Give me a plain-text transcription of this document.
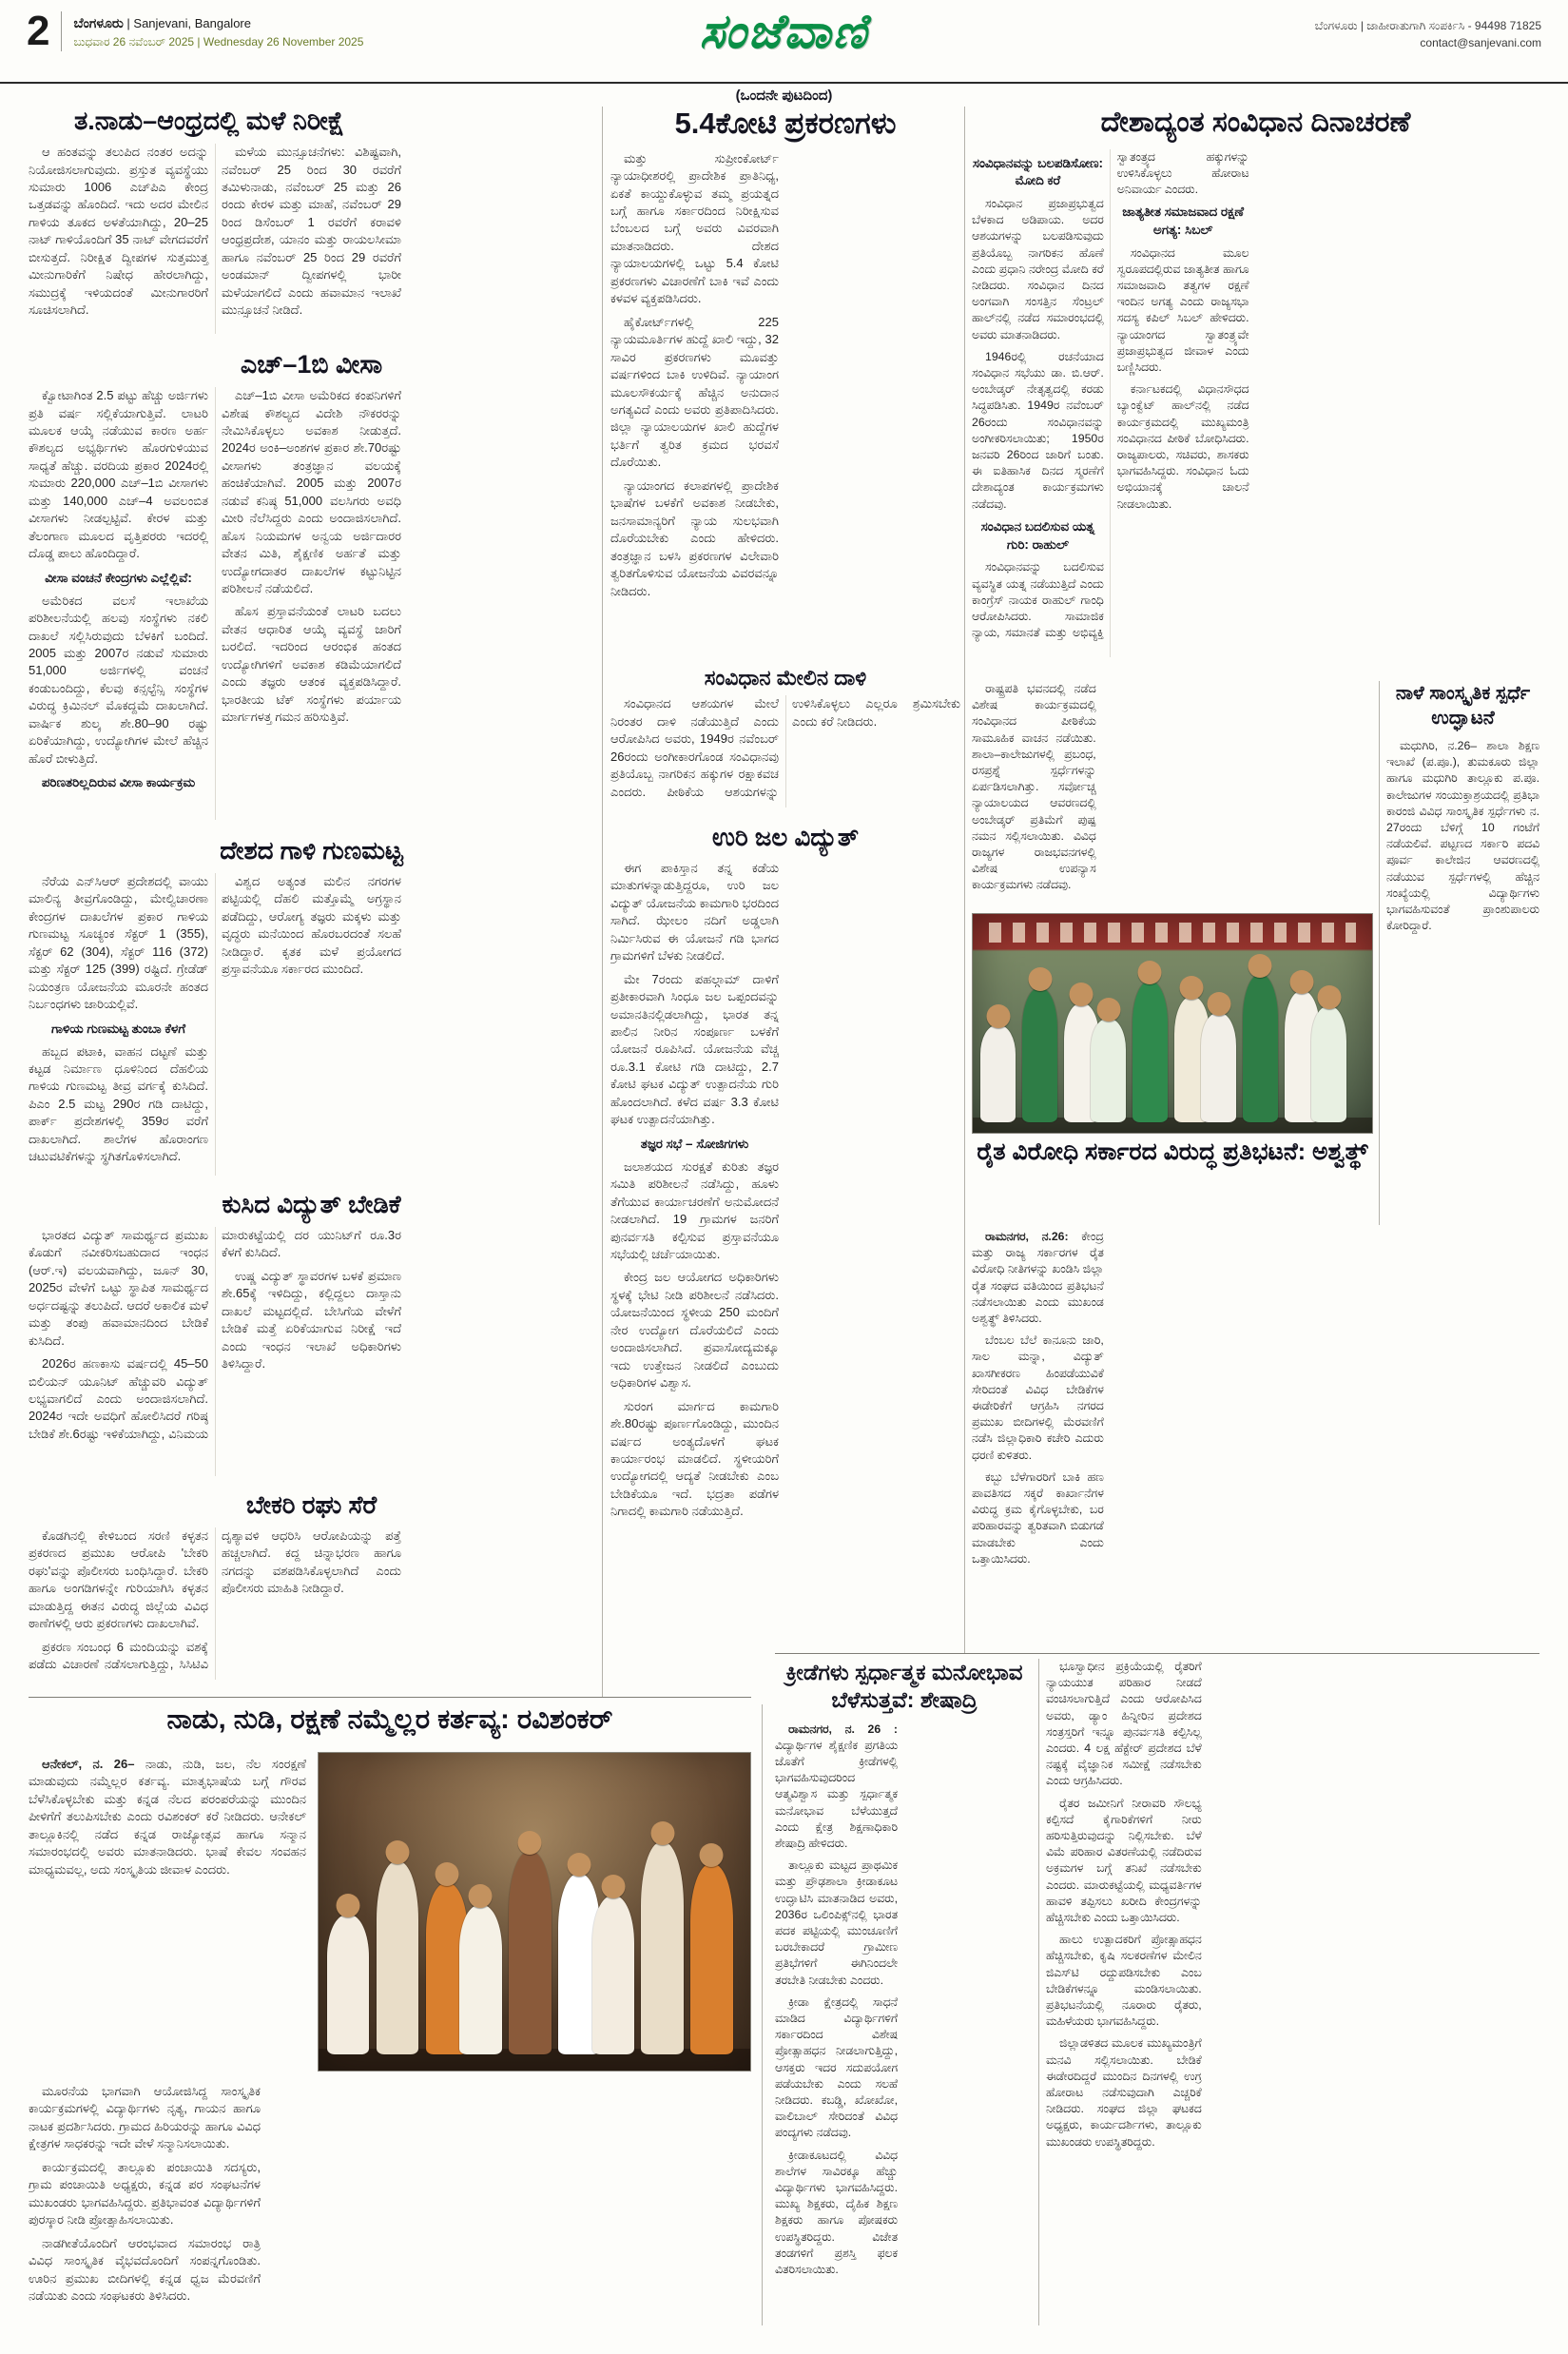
2	ಬೆಂಗಳೂರು | Sanjevani, Bangalore
ಬುಧವಾರ 26 ನವೆಂಬರ್ 2025 | Wednesday 26 November 2025	ಸಂಜೆವಾಣಿ	ಬೆಂಗಳೂರು | ಜಾಹೀರಾತುಗಾಗಿ ಸಂಪರ್ಕಿಸಿ - 94498 71825
contact@sanjevani.com
(ಒಂದನೇ ಪುಟದಿಂದ)
ತ.ನಾಡು–ಆಂಧ್ರದಲ್ಲಿ ಮಳೆ ನಿರೀಕ್ಷೆ

ಆ ಹಂತವನ್ನು ತಲುಪಿದ ನಂತರ ಅದನ್ನು ನಿಯೋಜಿಸಲಾಗುವುದು. ಪ್ರಸ್ತುತ ವ್ಯವಸ್ಥೆಯು ಸುಮಾರು 1006 ಎಚ್‌ಪಿಎ ಕೇಂದ್ರ ಒತ್ತಡವನ್ನು ಹೊಂದಿದೆ. ಇದು ಅದರ ಮೇಲಿನ ಗಾಳಿಯ ತೂಕದ ಅಳತೆಯಾಗಿದ್ದು, 20–25 ನಾಟ್ ಗಾಳಿಯೊಂದಿಗೆ 35 ನಾಟ್ ವೇಗದವರೆಗೆ ಬೀಸುತ್ತದೆ. ನಿರೀಕ್ಷಿತ ದ್ವೀಪಗಳ ಸುತ್ತಮುತ್ತ ಮೀನುಗಾರಿಕೆಗೆ ನಿಷೇಧ ಹೇರಲಾಗಿದ್ದು, ಸಮುದ್ರಕ್ಕೆ ಇಳಿಯದಂತೆ ಮೀನುಗಾರರಿಗೆ ಸೂಚಿಸಲಾಗಿದೆ.

ಮಳೆಯ ಮುನ್ಸೂಚನೆಗಳು: ವಿಶಿಷ್ಟವಾಗಿ, ನವೆಂಬರ್ 25 ರಿಂದ 30 ರವರೆಗೆ ತಮಿಳುನಾಡು, ನವೆಂಬರ್ 25 ಮತ್ತು 26 ರಂದು ಕೇರಳ ಮತ್ತು ಮಾಹೆ, ನವೆಂಬರ್ 29 ರಿಂದ ಡಿಸೆಂಬರ್ 1 ರವರೆಗೆ ಕರಾವಳಿ ಆಂಧ್ರಪ್ರದೇಶ, ಯಾನಂ ಮತ್ತು ರಾಯಲಸೀಮಾ ಹಾಗೂ ನವೆಂಬರ್ 25 ರಿಂದ 29 ರವರೆಗೆ ಅಂಡಮಾನ್ ದ್ವೀಪಗಳಲ್ಲಿ ಭಾರೀ ಮಳೆಯಾಗಲಿದೆ ಎಂದು ಹವಾಮಾನ ಇಲಾಖೆ ಮುನ್ಸೂಚನೆ ನೀಡಿದೆ.

ಎಚ್–1ಬಿ ವೀಸಾ

ಕ್ವೋಟಾಗಿಂತ 2.5 ಪಟ್ಟು ಹೆಚ್ಚು ಅರ್ಜಿಗಳು ಪ್ರತಿ ವರ್ಷ ಸಲ್ಲಿಕೆಯಾಗುತ್ತಿವೆ. ಲಾಟರಿ ಮೂಲಕ ಆಯ್ಕೆ ನಡೆಯುವ ಕಾರಣ ಅರ್ಹ ಕೌಶಲ್ಯದ ಅಭ್ಯರ್ಥಿಗಳು ಹೊರಗುಳಿಯುವ ಸಾಧ್ಯತೆ ಹೆಚ್ಚು. ವರದಿಯ ಪ್ರಕಾರ 2024ರಲ್ಲಿ ಸುಮಾರು 220,000 ಎಚ್–1ಬಿ ವೀಸಾಗಳು ಮತ್ತು 140,000 ಎಚ್–4 ಅವಲಂಬಿತ ವೀಸಾಗಳು ನೀಡಲ್ಪಟ್ಟಿವೆ. ಕೇರಳ ಮತ್ತು ತೆಲಂಗಾಣ ಮೂಲದ ವೃತ್ತಿಪರರು ಇದರಲ್ಲಿ ದೊಡ್ಡ ಪಾಲು ಹೊಂದಿದ್ದಾರೆ.

ವೀಸಾ ವಂಚನೆ ಕೇಂದ್ರಗಳು ಎಲ್ಲೆಲ್ಲಿವೆ:

ಅಮೆರಿಕದ ವಲಸೆ ಇಲಾಖೆಯ ಪರಿಶೀಲನೆಯಲ್ಲಿ ಹಲವು ಸಂಸ್ಥೆಗಳು ನಕಲಿ ದಾಖಲೆ ಸಲ್ಲಿಸಿರುವುದು ಬೆಳಕಿಗೆ ಬಂದಿದೆ. 2005 ಮತ್ತು 2007ರ ನಡುವೆ ಸುಮಾರು 51,000 ಅರ್ಜಿಗಳಲ್ಲಿ ವಂಚನೆ ಕಂಡುಬಂದಿದ್ದು, ಕೆಲವು ಕನ್ಸಲ್ಟೆನ್ಸಿ ಸಂಸ್ಥೆಗಳ ವಿರುದ್ಧ ಕ್ರಿಮಿನಲ್ ಮೊಕದ್ದಮೆ ದಾಖಲಾಗಿದೆ. ವಾರ್ಷಿಕ ಶುಲ್ಕ ಶೇ.80–90 ರಷ್ಟು ಏರಿಕೆಯಾಗಿದ್ದು, ಉದ್ಯೋಗಿಗಳ ಮೇಲೆ ಹೆಚ್ಚಿನ ಹೊರೆ ಬೀಳುತ್ತಿದೆ.

ಪರಿಣತರಿಲ್ಲದಿರುವ ವೀಸಾ ಕಾರ್ಯಕ್ರಮ

ಎಚ್–1ಬಿ ವೀಸಾ ಅಮೆರಿಕದ ಕಂಪನಿಗಳಿಗೆ ವಿಶೇಷ ಕೌಶಲ್ಯದ ವಿದೇಶಿ ನೌಕರರನ್ನು ನೇಮಿಸಿಕೊಳ್ಳಲು ಅವಕಾಶ ನೀಡುತ್ತದೆ. 2024ರ ಅಂಕಿ–ಅಂಶಗಳ ಪ್ರಕಾರ ಶೇ.70ರಷ್ಟು ವೀಸಾಗಳು ತಂತ್ರಜ್ಞಾನ ವಲಯಕ್ಕೆ ಹಂಚಿಕೆಯಾಗಿವೆ. 2005 ಮತ್ತು 2007ರ ನಡುವೆ ಕನಿಷ್ಠ 51,000 ವಲಸಿಗರು ಅವಧಿ ಮೀರಿ ನೆಲೆಸಿದ್ದರು ಎಂದು ಅಂದಾಜಿಸಲಾಗಿದೆ. ಹೊಸ ನಿಯಮಗಳ ಅನ್ವಯ ಅರ್ಜಿದಾರರ ವೇತನ ಮಿತಿ, ಶೈಕ್ಷಣಿಕ ಅರ್ಹತೆ ಮತ್ತು ಉದ್ಯೋಗದಾತರ ದಾಖಲೆಗಳ ಕಟ್ಟುನಿಟ್ಟಿನ ಪರಿಶೀಲನೆ ನಡೆಯಲಿದೆ.

ಹೊಸ ಪ್ರಸ್ತಾವನೆಯಂತೆ ಲಾಟರಿ ಬದಲು ವೇತನ ಆಧಾರಿತ ಆಯ್ಕೆ ವ್ಯವಸ್ಥೆ ಜಾರಿಗೆ ಬರಲಿದೆ. ಇದರಿಂದ ಆರಂಭಿಕ ಹಂತದ ಉದ್ಯೋಗಿಗಳಿಗೆ ಅವಕಾಶ ಕಡಿಮೆಯಾಗಲಿದೆ ಎಂದು ತಜ್ಞರು ಆತಂಕ ವ್ಯಕ್ತಪಡಿಸಿದ್ದಾರೆ. ಭಾರತೀಯ ಟೆಕ್ ಸಂಸ್ಥೆಗಳು ಪರ್ಯಾಯ ಮಾರ್ಗಗಳತ್ತ ಗಮನ ಹರಿಸುತ್ತಿವೆ.

ದೇಶದ ಗಾಳಿ ಗುಣಮಟ್ಟ

ನೆರೆಯ ಎನ್‌ಸಿಆರ್ ಪ್ರದೇಶದಲ್ಲಿ ವಾಯು ಮಾಲಿನ್ಯ ತೀವ್ರಗೊಂಡಿದ್ದು, ಮೇಲ್ವಿಚಾರಣಾ ಕೇಂದ್ರಗಳ ದಾಖಲೆಗಳ ಪ್ರಕಾರ ಗಾಳಿಯ ಗುಣಮಟ್ಟ ಸೂಚ್ಯಂಕ ಸೆಕ್ಟರ್ 1 (355), ಸೆಕ್ಟರ್ 62 (304), ಸೆಕ್ಟರ್ 116 (372) ಮತ್ತು ಸೆಕ್ಟರ್ 125 (399) ರಷ್ಟಿದೆ. ಗ್ರೇಡೆಡ್ ನಿಯಂತ್ರಣ ಯೋಜನೆಯ ಮೂರನೇ ಹಂತದ ನಿರ್ಬಂಧಗಳು ಜಾರಿಯಲ್ಲಿವೆ.

ಗಾಳಿಯ ಗುಣಮಟ್ಟ ತುಂಬಾ ಕೆಳಗೆ

ಹಬ್ಬದ ಪಟಾಕಿ, ವಾಹನ ದಟ್ಟಣೆ ಮತ್ತು ಕಟ್ಟಡ ನಿರ್ಮಾಣ ಧೂಳಿನಿಂದ ದೆಹಲಿಯ ಗಾಳಿಯ ಗುಣಮಟ್ಟ ತೀವ್ರ ವರ್ಗಕ್ಕೆ ಕುಸಿದಿದೆ. ಪಿಎಂ 2.5 ಮಟ್ಟ 290ರ ಗಡಿ ದಾಟಿದ್ದು, ಪಾರ್ಕ್ ಪ್ರದೇಶಗಳಲ್ಲಿ 359ರ ವರೆಗೆ ದಾಖಲಾಗಿದೆ. ಶಾಲೆಗಳ ಹೊರಾಂಗಣ ಚಟುವಟಿಕೆಗಳನ್ನು ಸ್ಥಗಿತಗೊಳಿಸಲಾಗಿದೆ.

ವಿಶ್ವದ ಅತ್ಯಂತ ಮಲಿನ ನಗರಗಳ ಪಟ್ಟಿಯಲ್ಲಿ ದೆಹಲಿ ಮತ್ತೊಮ್ಮೆ ಅಗ್ರಸ್ಥಾನ ಪಡೆದಿದ್ದು, ಆರೋಗ್ಯ ತಜ್ಞರು ಮಕ್ಕಳು ಮತ್ತು ವೃದ್ಧರು ಮನೆಯಿಂದ ಹೊರಬರದಂತೆ ಸಲಹೆ ನೀಡಿದ್ದಾರೆ. ಕೃತಕ ಮಳೆ ಪ್ರಯೋಗದ ಪ್ರಸ್ತಾವನೆಯೂ ಸರ್ಕಾರದ ಮುಂದಿದೆ.

ಕುಸಿದ ವಿದ್ಯುತ್ ಬೇಡಿಕೆ

ಭಾರತದ ವಿದ್ಯುತ್ ಸಾಮರ್ಥ್ಯದ ಪ್ರಮುಖ ಕೊಡುಗೆ ನವೀಕರಿಸಬಹುದಾದ ಇಂಧನ (ಆರ್.ಇ) ವಲಯವಾಗಿದ್ದು, ಜೂನ್ 30, 2025ರ ವೇಳೆಗೆ ಒಟ್ಟು ಸ್ಥಾಪಿತ ಸಾಮರ್ಥ್ಯದ ಅರ್ಧದಷ್ಟನ್ನು ತಲುಪಿದೆ. ಆದರೆ ಅಕಾಲಿಕ ಮಳೆ ಮತ್ತು ತಂಪು ಹವಾಮಾನದಿಂದ ಬೇಡಿಕೆ ಕುಸಿದಿದೆ.

2026ರ ಹಣಕಾಸು ವರ್ಷದಲ್ಲಿ 45–50 ಬಿಲಿಯನ್ ಯೂನಿಟ್ ಹೆಚ್ಚುವರಿ ವಿದ್ಯುತ್ ಲಭ್ಯವಾಗಲಿದೆ ಎಂದು ಅಂದಾಜಿಸಲಾಗಿದೆ. 2024ರ ಇದೇ ಅವಧಿಗೆ ಹೋಲಿಸಿದರೆ ಗರಿಷ್ಠ ಬೇಡಿಕೆ ಶೇ.6ರಷ್ಟು ಇಳಿಕೆಯಾಗಿದ್ದು, ವಿನಿಮಯ ಮಾರುಕಟ್ಟೆಯಲ್ಲಿ ದರ ಯುನಿಟ್‌ಗೆ ರೂ.3ರ ಕೆಳಗೆ ಕುಸಿದಿದೆ.

ಉಷ್ಣ ವಿದ್ಯುತ್ ಸ್ಥಾವರಗಳ ಬಳಕೆ ಪ್ರಮಾಣ ಶೇ.65ಕ್ಕೆ ಇಳಿದಿದ್ದು, ಕಲ್ಲಿದ್ದಲು ದಾಸ್ತಾನು ದಾಖಲೆ ಮಟ್ಟದಲ್ಲಿದೆ. ಬೇಸಿಗೆಯ ವೇಳೆಗೆ ಬೇಡಿಕೆ ಮತ್ತೆ ಏರಿಕೆಯಾಗುವ ನಿರೀಕ್ಷೆ ಇದೆ ಎಂದು ಇಂಧನ ಇಲಾಖೆ ಅಧಿಕಾರಿಗಳು ತಿಳಿಸಿದ್ದಾರೆ.

ಬೇಕರಿ ರಘು ಸೆರೆ

ಕೊಡಗಿನಲ್ಲಿ ಕೇಳಿಬಂದ ಸರಣಿ ಕಳ್ಳತನ ಪ್ರಕರಣದ ಪ್ರಮುಖ ಆರೋಪಿ 'ಬೇಕರಿ ರಘು'ವನ್ನು ಪೊಲೀಸರು ಬಂಧಿಸಿದ್ದಾರೆ. ಬೇಕರಿ ಹಾಗೂ ಅಂಗಡಿಗಳನ್ನೇ ಗುರಿಯಾಗಿಸಿ ಕಳ್ಳತನ ಮಾಡುತ್ತಿದ್ದ ಈತನ ವಿರುದ್ಧ ಜಿಲ್ಲೆಯ ವಿವಿಧ ಠಾಣೆಗಳಲ್ಲಿ ಆರು ಪ್ರಕರಣಗಳು ದಾಖಲಾಗಿವೆ.

ಪ್ರಕರಣ ಸಂಬಂಧ 6 ಮಂದಿಯನ್ನು ವಶಕ್ಕೆ ಪಡೆದು ವಿಚಾರಣೆ ನಡೆಸಲಾಗುತ್ತಿದ್ದು, ಸಿಸಿಟಿವಿ ದೃಶ್ಯಾವಳಿ ಆಧರಿಸಿ ಆರೋಪಿಯನ್ನು ಪತ್ತೆ ಹಚ್ಚಲಾಗಿದೆ. ಕದ್ದ ಚಿನ್ನಾಭರಣ ಹಾಗೂ ನಗದನ್ನು ವಶಪಡಿಸಿಕೊಳ್ಳಲಾಗಿದೆ ಎಂದು ಪೊಲೀಸರು ಮಾಹಿತಿ ನೀಡಿದ್ದಾರೆ.

ನಾಡು, ನುಡಿ, ರಕ್ಷಣೆ ನಮ್ಮೆಲ್ಲರ ಕರ್ತವ್ಯ: ರವಿಶಂಕರ್

ಆನೇಕಲ್, ನ. 26– ನಾಡು, ನುಡಿ, ಜಲ, ನೆಲ ಸಂರಕ್ಷಣೆ ಮಾಡುವುದು ನಮ್ಮೆಲ್ಲರ ಕರ್ತವ್ಯ. ಮಾತೃಭಾಷೆಯ ಬಗ್ಗೆ ಗೌರವ ಬೆಳೆಸಿಕೊಳ್ಳಬೇಕು ಮತ್ತು ಕನ್ನಡ ನೆಲದ ಪರಂಪರೆಯನ್ನು ಮುಂದಿನ ಪೀಳಿಗೆಗೆ ತಲುಪಿಸಬೇಕು ಎಂದು ರವಿಶಂಕರ್ ಕರೆ ನೀಡಿದರು. ಆನೇಕಲ್ ತಾಲ್ಲೂಕಿನಲ್ಲಿ ನಡೆದ ಕನ್ನಡ ರಾಜ್ಯೋತ್ಸವ ಹಾಗೂ ಸನ್ಮಾನ ಸಮಾರಂಭದಲ್ಲಿ ಅವರು ಮಾತನಾಡಿದರು. ಭಾಷೆ ಕೇವಲ ಸಂವಹನ ಮಾಧ್ಯಮವಲ್ಲ, ಅದು ಸಂಸ್ಕೃತಿಯ ಜೀವಾಳ ಎಂದರು.

ಮೂರನೆಯ ಭಾಗವಾಗಿ ಆಯೋಜಿಸಿದ್ದ ಸಾಂಸ್ಕೃತಿಕ ಕಾರ್ಯಕ್ರಮಗಳಲ್ಲಿ ವಿದ್ಯಾರ್ಥಿಗಳು ನೃತ್ಯ, ಗಾಯನ ಹಾಗೂ ನಾಟಕ ಪ್ರದರ್ಶಿಸಿದರು. ಗ್ರಾಮದ ಹಿರಿಯರನ್ನು ಹಾಗೂ ವಿವಿಧ ಕ್ಷೇತ್ರಗಳ ಸಾಧಕರನ್ನು ಇದೇ ವೇಳೆ ಸನ್ಮಾನಿಸಲಾಯಿತು.

ಕಾರ್ಯಕ್ರಮದಲ್ಲಿ ತಾಲ್ಲೂಕು ಪಂಚಾಯಿತಿ ಸದಸ್ಯರು, ಗ್ರಾಮ ಪಂಚಾಯಿತಿ ಅಧ್ಯಕ್ಷರು, ಕನ್ನಡ ಪರ ಸಂಘಟನೆಗಳ ಮುಖಂಡರು ಭಾಗವಹಿಸಿದ್ದರು. ಪ್ರತಿಭಾವಂತ ವಿದ್ಯಾರ್ಥಿಗಳಿಗೆ ಪುರಸ್ಕಾರ ನೀಡಿ ಪ್ರೋತ್ಸಾಹಿಸಲಾಯಿತು.

ನಾಡಗೀತೆಯೊಂದಿಗೆ ಆರಂಭವಾದ ಸಮಾರಂಭ ರಾತ್ರಿ ವಿವಿಧ ಸಾಂಸ್ಕೃತಿಕ ವೈಭವದೊಂದಿಗೆ ಸಂಪನ್ನಗೊಂಡಿತು. ಊರಿನ ಪ್ರಮುಖ ಬೀದಿಗಳಲ್ಲಿ ಕನ್ನಡ ಧ್ವಜ ಮೆರವಣಿಗೆ ನಡೆಯಿತು ಎಂದು ಸಂಘಟಕರು ತಿಳಿಸಿದರು.

5.4ಕೋಟಿ ಪ್ರಕರಣಗಳು

ಮತ್ತು ಸುಪ್ರೀಂಕೋರ್ಟ್ ನ್ಯಾಯಾಧೀಶರಲ್ಲಿ ಪ್ರಾದೇಶಿಕ ಪ್ರಾತಿನಿಧ್ಯ, ಏಕತೆ ಕಾಯ್ದುಕೊಳ್ಳುವ ತಮ್ಮ ಪ್ರಯತ್ನದ ಬಗ್ಗೆ ಹಾಗೂ ಸರ್ಕಾರದಿಂದ ನಿರೀಕ್ಷಿಸುವ ಬೆಂಬಲದ ಬಗ್ಗೆ ಅವರು ವಿವರವಾಗಿ ಮಾತನಾಡಿದರು. ದೇಶದ ನ್ಯಾಯಾಲಯಗಳಲ್ಲಿ ಒಟ್ಟು 5.4 ಕೋಟಿ ಪ್ರಕರಣಗಳು ವಿಚಾರಣೆಗೆ ಬಾಕಿ ಇವೆ ಎಂದು ಕಳವಳ ವ್ಯಕ್ತಪಡಿಸಿದರು.

ಹೈಕೋರ್ಟ್‌ಗಳಲ್ಲಿ 225 ನ್ಯಾಯಮೂರ್ತಿಗಳ ಹುದ್ದೆ ಖಾಲಿ ಇದ್ದು, 32 ಸಾವಿರ ಪ್ರಕರಣಗಳು ಮೂವತ್ತು ವರ್ಷಗಳಿಂದ ಬಾಕಿ ಉಳಿದಿವೆ. ನ್ಯಾಯಾಂಗ ಮೂಲಸೌಕರ್ಯಕ್ಕೆ ಹೆಚ್ಚಿನ ಅನುದಾನ ಅಗತ್ಯವಿದೆ ಎಂದು ಅವರು ಪ್ರತಿಪಾದಿಸಿದರು. ಜಿಲ್ಲಾ ನ್ಯಾಯಾಲಯಗಳ ಖಾಲಿ ಹುದ್ದೆಗಳ ಭರ್ತಿಗೆ ತ್ವರಿತ ಕ್ರಮದ ಭರವಸೆ ದೊರೆಯಿತು.

ನ್ಯಾಯಾಂಗದ ಕಲಾಪಗಳಲ್ಲಿ ಪ್ರಾದೇಶಿಕ ಭಾಷೆಗಳ ಬಳಕೆಗೆ ಅವಕಾಶ ನೀಡಬೇಕು, ಜನಸಾಮಾನ್ಯರಿಗೆ ನ್ಯಾಯ ಸುಲಭವಾಗಿ ದೊರೆಯಬೇಕು ಎಂದು ಹೇಳಿದರು. ತಂತ್ರಜ್ಞಾನ ಬಳಸಿ ಪ್ರಕರಣಗಳ ವಿಲೇವಾರಿ ತ್ವರಿತಗೊಳಿಸುವ ಯೋಜನೆಯ ವಿವರವನ್ನೂ ನೀಡಿದರು.

ಸಂವಿಧಾನ ಮೇಲಿನ ದಾಳಿ

ಸಂವಿಧಾನದ ಆಶಯಗಳ ಮೇಲೆ ನಿರಂತರ ದಾಳಿ ನಡೆಯುತ್ತಿದೆ ಎಂದು ಆರೋಪಿಸಿದ ಅವರು, 1949ರ ನವೆಂಬರ್ 26ರಂದು ಅಂಗೀಕಾರಗೊಂಡ ಸಂವಿಧಾನವು ಪ್ರತಿಯೊಬ್ಬ ನಾಗರಿಕನ ಹಕ್ಕುಗಳ ರಕ್ಷಾಕವಚ ಎಂದರು. ಪೀಠಿಕೆಯ ಆಶಯಗಳನ್ನು ಉಳಿಸಿಕೊಳ್ಳಲು ಎಲ್ಲರೂ ಶ್ರಮಿಸಬೇಕು ಎಂದು ಕರೆ ನೀಡಿದರು.

ಉರಿ ಜಲ ವಿದ್ಯುತ್

ಈಗ ಪಾಕಿಸ್ತಾನ ತನ್ನ ಕಡೆಯ ಮಾತುಗಳನ್ನಾಡುತ್ತಿದ್ದರೂ, ಉರಿ ಜಲ ವಿದ್ಯುತ್ ಯೋಜನೆಯ ಕಾಮಗಾರಿ ಭರದಿಂದ ಸಾಗಿದೆ. ಝೇಲಂ ನದಿಗೆ ಅಡ್ಡಲಾಗಿ ನಿರ್ಮಿಸಿರುವ ಈ ಯೋಜನೆ ಗಡಿ ಭಾಗದ ಗ್ರಾಮಗಳಿಗೆ ಬೆಳಕು ನೀಡಲಿದೆ.

ಮೇ 7ರಂದು ಪಹಲ್ಗಾಮ್ ದಾಳಿಗೆ ಪ್ರತೀಕಾರವಾಗಿ ಸಿಂಧೂ ಜಲ ಒಪ್ಪಂದವನ್ನು ಅಮಾನತಿನಲ್ಲಿಡಲಾಗಿದ್ದು, ಭಾರತ ತನ್ನ ಪಾಲಿನ ನೀರಿನ ಸಂಪೂರ್ಣ ಬಳಕೆಗೆ ಯೋಜನೆ ರೂಪಿಸಿದೆ. ಯೋಜನೆಯ ವೆಚ್ಚ ರೂ.3.1 ಕೋಟಿ ಗಡಿ ದಾಟಿದ್ದು, 2.7 ಕೋಟಿ ಘಟಕ ವಿದ್ಯುತ್ ಉತ್ಪಾದನೆಯ ಗುರಿ ಹೊಂದಲಾಗಿದೆ. ಕಳೆದ ವರ್ಷ 3.3 ಕೋಟಿ ಘಟಕ ಉತ್ಪಾದನೆಯಾಗಿತ್ತು.

ತಜ್ಞರ ಸಭೆ – ಸೋಜಿಗಗಳು

ಜಲಾಶಯದ ಸುರಕ್ಷತೆ ಕುರಿತು ತಜ್ಞರ ಸಮಿತಿ ಪರಿಶೀಲನೆ ನಡೆಸಿದ್ದು, ಹೂಳು ತೆಗೆಯುವ ಕಾರ್ಯಾಚರಣೆಗೆ ಅನುಮೋದನೆ ನೀಡಲಾಗಿದೆ. 19 ಗ್ರಾಮಗಳ ಜನರಿಗೆ ಪುನರ್ವಸತಿ ಕಲ್ಪಿಸುವ ಪ್ರಸ್ತಾವನೆಯೂ ಸಭೆಯಲ್ಲಿ ಚರ್ಚೆಯಾಯಿತು.

ಕೇಂದ್ರ ಜಲ ಆಯೋಗದ ಅಧಿಕಾರಿಗಳು ಸ್ಥಳಕ್ಕೆ ಭೇಟಿ ನೀಡಿ ಪರಿಶೀಲನೆ ನಡೆಸಿದರು. ಯೋಜನೆಯಿಂದ ಸ್ಥಳೀಯ 250 ಮಂದಿಗೆ ನೇರ ಉದ್ಯೋಗ ದೊರೆಯಲಿದೆ ಎಂದು ಅಂದಾಜಿಸಲಾಗಿದೆ. ಪ್ರವಾಸೋದ್ಯಮಕ್ಕೂ ಇದು ಉತ್ತೇಜನ ನೀಡಲಿದೆ ಎಂಬುದು ಅಧಿಕಾರಿಗಳ ವಿಶ್ವಾಸ.

ಸುರಂಗ ಮಾರ್ಗದ ಕಾಮಗಾರಿ ಶೇ.80ರಷ್ಟು ಪೂರ್ಣಗೊಂಡಿದ್ದು, ಮುಂದಿನ ವರ್ಷದ ಅಂತ್ಯದೊಳಗೆ ಘಟಕ ಕಾರ್ಯಾರಂಭ ಮಾಡಲಿದೆ. ಸ್ಥಳೀಯರಿಗೆ ಉದ್ಯೋಗದಲ್ಲಿ ಆದ್ಯತೆ ನೀಡಬೇಕು ಎಂಬ ಬೇಡಿಕೆಯೂ ಇದೆ. ಭದ್ರತಾ ಪಡೆಗಳ ನಿಗಾದಲ್ಲಿ ಕಾಮಗಾರಿ ನಡೆಯುತ್ತಿದೆ.

ಕ್ರೀಡೆಗಳು ಸ್ಪರ್ಧಾತ್ಮಕ ಮನೋಭಾವ ಬೆಳೆಸುತ್ತವೆ: ಶೇಷಾದ್ರಿ

ರಾಮನಗರ, ನ. 26 : ವಿದ್ಯಾರ್ಥಿಗಳ ಶೈಕ್ಷಣಿಕ ಪ್ರಗತಿಯ ಜೊತೆಗೆ ಕ್ರೀಡೆಗಳಲ್ಲಿ ಭಾಗವಹಿಸುವುದರಿಂದ ಆತ್ಮವಿಶ್ವಾಸ ಮತ್ತು ಸ್ಪರ್ಧಾತ್ಮಕ ಮನೋಭಾವ ಬೆಳೆಯುತ್ತದೆ ಎಂದು ಕ್ಷೇತ್ರ ಶಿಕ್ಷಣಾಧಿಕಾರಿ ಶೇಷಾದ್ರಿ ಹೇಳಿದರು.

ತಾಲ್ಲೂಕು ಮಟ್ಟದ ಪ್ರಾಥಮಿಕ ಮತ್ತು ಪ್ರೌಢಶಾಲಾ ಕ್ರೀಡಾಕೂಟ ಉದ್ಘಾಟಿಸಿ ಮಾತನಾಡಿದ ಅವರು, 2036ರ ಒಲಿಂಪಿಕ್ಸ್‌ನಲ್ಲಿ ಭಾರತ ಪದಕ ಪಟ್ಟಿಯಲ್ಲಿ ಮುಂಚೂಣಿಗೆ ಬರಬೇಕಾದರೆ ಗ್ರಾಮೀಣ ಪ್ರತಿಭೆಗಳಿಗೆ ಈಗಿನಿಂದಲೇ ತರಬೇತಿ ನೀಡಬೇಕು ಎಂದರು.

ಕ್ರೀಡಾ ಕ್ಷೇತ್ರದಲ್ಲಿ ಸಾಧನೆ ಮಾಡಿದ ವಿದ್ಯಾರ್ಥಿಗಳಿಗೆ ಸರ್ಕಾರದಿಂದ ವಿಶೇಷ ಪ್ರೋತ್ಸಾಹಧನ ನೀಡಲಾಗುತ್ತಿದ್ದು, ಆಸಕ್ತರು ಇದರ ಸದುಪಯೋಗ ಪಡೆಯಬೇಕು ಎಂದು ಸಲಹೆ ನೀಡಿದರು. ಕಬಡ್ಡಿ, ಖೋಖೋ, ವಾಲಿಬಾಲ್ ಸೇರಿದಂತೆ ವಿವಿಧ ಪಂದ್ಯಗಳು ನಡೆದವು.

ಕ್ರೀಡಾಕೂಟದಲ್ಲಿ ವಿವಿಧ ಶಾಲೆಗಳ ಸಾವಿರಕ್ಕೂ ಹೆಚ್ಚು ವಿದ್ಯಾರ್ಥಿಗಳು ಭಾಗವಹಿಸಿದ್ದರು. ಮುಖ್ಯ ಶಿಕ್ಷಕರು, ದೈಹಿಕ ಶಿಕ್ಷಣ ಶಿಕ್ಷಕರು ಹಾಗೂ ಪೋಷಕರು ಉಪಸ್ಥಿತರಿದ್ದರು. ವಿಜೇತ ತಂಡಗಳಿಗೆ ಪ್ರಶಸ್ತಿ ಫಲಕ ವಿತರಿಸಲಾಯಿತು.

ದೇಶಾದ್ಯಂತ ಸಂವಿಧಾನ ದಿನಾಚರಣೆ

ಸಂವಿಧಾನವನ್ನು ಬಲಪಡಿಸೋಣ: ಮೋದಿ ಕರೆ

ಸಂವಿಧಾನ ಪ್ರಜಾಪ್ರಭುತ್ವದ ಬೆಳಕಾದ ಅಡಿಪಾಯ. ಅದರ ಆಶಯಗಳನ್ನು ಬಲಪಡಿಸುವುದು ಪ್ರತಿಯೊಬ್ಬ ನಾಗರಿಕನ ಹೊಣೆ ಎಂದು ಪ್ರಧಾನಿ ನರೇಂದ್ರ ಮೋದಿ ಕರೆ ನೀಡಿದರು. ಸಂವಿಧಾನ ದಿನದ ಅಂಗವಾಗಿ ಸಂಸತ್ತಿನ ಸೆಂಟ್ರಲ್ ಹಾಲ್‌ನಲ್ಲಿ ನಡೆದ ಸಮಾರಂಭದಲ್ಲಿ ಅವರು ಮಾತನಾಡಿದರು.

1946ರಲ್ಲಿ ರಚನೆಯಾದ ಸಂವಿಧಾನ ಸಭೆಯು ಡಾ. ಬಿ.ಆರ್. ಅಂಬೇಡ್ಕರ್ ನೇತೃತ್ವದಲ್ಲಿ ಕರಡು ಸಿದ್ಧಪಡಿಸಿತು. 1949ರ ನವೆಂಬರ್ 26ರಂದು ಸಂವಿಧಾನವನ್ನು ಅಂಗೀಕರಿಸಲಾಯಿತು; 1950ರ ಜನವರಿ 26ರಿಂದ ಜಾರಿಗೆ ಬಂತು. ಈ ಐತಿಹಾಸಿಕ ದಿನದ ಸ್ಮರಣೆಗೆ ದೇಶಾದ್ಯಂತ ಕಾರ್ಯಕ್ರಮಗಳು ನಡೆದವು.

ಸಂವಿಧಾನ ಬದಲಿಸುವ ಯತ್ನ ಗುರಿ: ರಾಹುಲ್

ಸಂವಿಧಾನವನ್ನು ಬದಲಿಸುವ ವ್ಯವಸ್ಥಿತ ಯತ್ನ ನಡೆಯುತ್ತಿದೆ ಎಂದು ಕಾಂಗ್ರೆಸ್ ನಾಯಕ ರಾಹುಲ್ ಗಾಂಧಿ ಆರೋಪಿಸಿದರು. ಸಾಮಾಜಿಕ ನ್ಯಾಯ, ಸಮಾನತೆ ಮತ್ತು ಅಭಿವ್ಯಕ್ತಿ ಸ್ವಾತಂತ್ರ್ಯದ ಹಕ್ಕುಗಳನ್ನು ಉಳಿಸಿಕೊಳ್ಳಲು ಹೋರಾಟ ಅನಿವಾರ್ಯ ಎಂದರು.

ಜಾತ್ಯತೀತ ಸಮಾಜವಾದ ರಕ್ಷಣೆ ಅಗತ್ಯ: ಸಿಬಲ್

ಸಂವಿಧಾನದ ಮೂಲ ಸ್ವರೂಪದಲ್ಲಿರುವ ಜಾತ್ಯತೀತ ಹಾಗೂ ಸಮಾಜವಾದಿ ತತ್ವಗಳ ರಕ್ಷಣೆ ಇಂದಿನ ಅಗತ್ಯ ಎಂದು ರಾಜ್ಯಸಭಾ ಸದಸ್ಯ ಕಪಿಲ್ ಸಿಬಲ್ ಹೇಳಿದರು. ನ್ಯಾಯಾಂಗದ ಸ್ವಾತಂತ್ರ್ಯವೇ ಪ್ರಜಾಪ್ರಭುತ್ವದ ಜೀವಾಳ ಎಂದು ಬಣ್ಣಿಸಿದರು.

ಕರ್ನಾಟಕದಲ್ಲಿ ವಿಧಾನಸೌಧದ ಬ್ಯಾಂಕ್ವೆಟ್ ಹಾಲ್‌ನಲ್ಲಿ ನಡೆದ ಕಾರ್ಯಕ್ರಮದಲ್ಲಿ ಮುಖ್ಯಮಂತ್ರಿ ಸಂವಿಧಾನದ ಪೀಠಿಕೆ ಬೋಧಿಸಿದರು. ರಾಜ್ಯಪಾಲರು, ಸಚಿವರು, ಶಾಸಕರು ಭಾಗವಹಿಸಿದ್ದರು. ಸಂವಿಧಾನ ಓದು ಅಭಿಯಾನಕ್ಕೆ ಚಾಲನೆ ನೀಡಲಾಯಿತು.

ರಾಷ್ಟ್ರಪತಿ ಭವನದಲ್ಲಿ ನಡೆದ ವಿಶೇಷ ಕಾರ್ಯಕ್ರಮದಲ್ಲಿ ಸಂವಿಧಾನದ ಪೀಠಿಕೆಯ ಸಾಮೂಹಿಕ ವಾಚನ ನಡೆಯಿತು. ಶಾಲಾ–ಕಾಲೇಜುಗಳಲ್ಲಿ ಪ್ರಬಂಧ, ರಸಪ್ರಶ್ನೆ ಸ್ಪರ್ಧೆಗಳನ್ನು ಏರ್ಪಡಿಸಲಾಗಿತ್ತು. ಸರ್ವೋಚ್ಚ ನ್ಯಾಯಾಲಯದ ಆವರಣದಲ್ಲಿ ಅಂಬೇಡ್ಕರ್ ಪ್ರತಿಮೆಗೆ ಪುಷ್ಪ ನಮನ ಸಲ್ಲಿಸಲಾಯಿತು. ವಿವಿಧ ರಾಜ್ಯಗಳ ರಾಜಭವನಗಳಲ್ಲಿ ವಿಶೇಷ ಉಪನ್ಯಾಸ ಕಾರ್ಯಕ್ರಮಗಳು ನಡೆದವು.

ನಾಳೆ ಸಾಂಸ್ಕೃತಿಕ ಸ್ಪರ್ಧೆ ಉದ್ಘಾಟನೆ

ಮಧುಗಿರಿ, ನ.26– ಶಾಲಾ ಶಿಕ್ಷಣ ಇಲಾಖೆ (ಪ.ಪೂ.), ತುಮಕೂರು ಜಿಲ್ಲಾ ಹಾಗೂ ಮಧುಗಿರಿ ತಾಲ್ಲೂಕು ಪ.ಪೂ. ಕಾಲೇಜುಗಳ ಸಂಯುಕ್ತಾಶ್ರಯದಲ್ಲಿ ಪ್ರತಿಭಾ ಕಾರಂಜಿ ವಿವಿಧ ಸಾಂಸ್ಕೃತಿಕ ಸ್ಪರ್ಧೆಗಳು ನ. 27ರಂದು ಬೆಳಿಗ್ಗೆ 10 ಗಂಟೆಗೆ ನಡೆಯಲಿವೆ. ಪಟ್ಟಣದ ಸರ್ಕಾರಿ ಪದವಿ ಪೂರ್ವ ಕಾಲೇಜಿನ ಆವರಣದಲ್ಲಿ ನಡೆಯುವ ಸ್ಪರ್ಧೆಗಳಲ್ಲಿ ಹೆಚ್ಚಿನ ಸಂಖ್ಯೆಯಲ್ಲಿ ವಿದ್ಯಾರ್ಥಿಗಳು ಭಾಗವಹಿಸುವಂತೆ ಪ್ರಾಂಶುಪಾಲರು ಕೋರಿದ್ದಾರೆ.

ರೈತ ವಿರೋಧಿ ಸರ್ಕಾರದ ವಿರುದ್ಧ ಪ್ರತಿಭಟನೆ: ಅಶ್ವತ್ಥ್

ರಾಮನಗರ, ನ.26: ಕೇಂದ್ರ ಮತ್ತು ರಾಜ್ಯ ಸರ್ಕಾರಗಳ ರೈತ ವಿರೋಧಿ ನೀತಿಗಳನ್ನು ಖಂಡಿಸಿ ಜಿಲ್ಲಾ ರೈತ ಸಂಘದ ವತಿಯಿಂದ ಪ್ರತಿಭಟನೆ ನಡೆಸಲಾಯಿತು ಎಂದು ಮುಖಂಡ ಅಶ್ವತ್ಥ್ ತಿಳಿಸಿದರು.

ಬೆಂಬಲ ಬೆಲೆ ಕಾನೂನು ಜಾರಿ, ಸಾಲ ಮನ್ನಾ, ವಿದ್ಯುತ್ ಖಾಸಗೀಕರಣ ಹಿಂಪಡೆಯುವಿಕೆ ಸೇರಿದಂತೆ ವಿವಿಧ ಬೇಡಿಕೆಗಳ ಈಡೇರಿಕೆಗೆ ಆಗ್ರಹಿಸಿ ನಗರದ ಪ್ರಮುಖ ಬೀದಿಗಳಲ್ಲಿ ಮೆರವಣಿಗೆ ನಡೆಸಿ ಜಿಲ್ಲಾಧಿಕಾರಿ ಕಚೇರಿ ಎದುರು ಧರಣಿ ಕುಳಿತರು.

ಕಬ್ಬು ಬೆಳೆಗಾರರಿಗೆ ಬಾಕಿ ಹಣ ಪಾವತಿಸದ ಸಕ್ಕರೆ ಕಾರ್ಖಾನೆಗಳ ವಿರುದ್ಧ ಕ್ರಮ ಕೈಗೊಳ್ಳಬೇಕು, ಬರ ಪರಿಹಾರವನ್ನು ತ್ವರಿತವಾಗಿ ಬಿಡುಗಡೆ ಮಾಡಬೇಕು ಎಂದು ಒತ್ತಾಯಿಸಿದರು.

ಭೂಸ್ವಾಧೀನ ಪ್ರಕ್ರಿಯೆಯಲ್ಲಿ ರೈತರಿಗೆ ನ್ಯಾಯಯುತ ಪರಿಹಾರ ನೀಡದೆ ವಂಚಿಸಲಾಗುತ್ತಿದೆ ಎಂದು ಆರೋಪಿಸಿದ ಅವರು, ಡ್ಯಾಂ ಹಿನ್ನೀರಿನ ಪ್ರದೇಶದ ಸಂತ್ರಸ್ತರಿಗೆ ಇನ್ನೂ ಪುನರ್ವಸತಿ ಕಲ್ಪಿಸಿಲ್ಲ ಎಂದರು. 4 ಲಕ್ಷ ಹೆಕ್ಟೇರ್ ಪ್ರದೇಶದ ಬೆಳೆ ನಷ್ಟಕ್ಕೆ ವೈಜ್ಞಾನಿಕ ಸಮೀಕ್ಷೆ ನಡೆಸಬೇಕು ಎಂದು ಆಗ್ರಹಿಸಿದರು.

ರೈತರ ಜಮೀನಿಗೆ ನೀರಾವರಿ ಸೌಲಭ್ಯ ಕಲ್ಪಿಸದೆ ಕೈಗಾರಿಕೆಗಳಿಗೆ ನೀರು ಹರಿಸುತ್ತಿರುವುದನ್ನು ನಿಲ್ಲಿಸಬೇಕು. ಬೆಳೆ ವಿಮೆ ಪರಿಹಾರ ವಿತರಣೆಯಲ್ಲಿ ನಡೆದಿರುವ ಅಕ್ರಮಗಳ ಬಗ್ಗೆ ತನಿಖೆ ನಡೆಸಬೇಕು ಎಂದರು. ಮಾರುಕಟ್ಟೆಯಲ್ಲಿ ಮಧ್ಯವರ್ತಿಗಳ ಹಾವಳಿ ತಪ್ಪಿಸಲು ಖರೀದಿ ಕೇಂದ್ರಗಳನ್ನು ಹೆಚ್ಚಿಸಬೇಕು ಎಂದು ಒತ್ತಾಯಿಸಿದರು.

ಹಾಲು ಉತ್ಪಾದಕರಿಗೆ ಪ್ರೋತ್ಸಾಹಧನ ಹೆಚ್ಚಿಸಬೇಕು, ಕೃಷಿ ಸಲಕರಣೆಗಳ ಮೇಲಿನ ಜಿಎಸ್‌ಟಿ ರದ್ದುಪಡಿಸಬೇಕು ಎಂಬ ಬೇಡಿಕೆಗಳನ್ನೂ ಮಂಡಿಸಲಾಯಿತು. ಪ್ರತಿಭಟನೆಯಲ್ಲಿ ನೂರಾರು ರೈತರು, ಮಹಿಳೆಯರು ಭಾಗವಹಿಸಿದ್ದರು.

ಜಿಲ್ಲಾಡಳಿತದ ಮೂಲಕ ಮುಖ್ಯಮಂತ್ರಿಗೆ ಮನವಿ ಸಲ್ಲಿಸಲಾಯಿತು. ಬೇಡಿಕೆ ಈಡೇರದಿದ್ದರೆ ಮುಂದಿನ ದಿನಗಳಲ್ಲಿ ಉಗ್ರ ಹೋರಾಟ ನಡೆಸುವುದಾಗಿ ಎಚ್ಚರಿಕೆ ನೀಡಿದರು. ಸಂಘದ ಜಿಲ್ಲಾ ಘಟಕದ ಅಧ್ಯಕ್ಷರು, ಕಾರ್ಯದರ್ಶಿಗಳು, ತಾಲ್ಲೂಕು ಮುಖಂಡರು ಉಪಸ್ಥಿತರಿದ್ದರು.
